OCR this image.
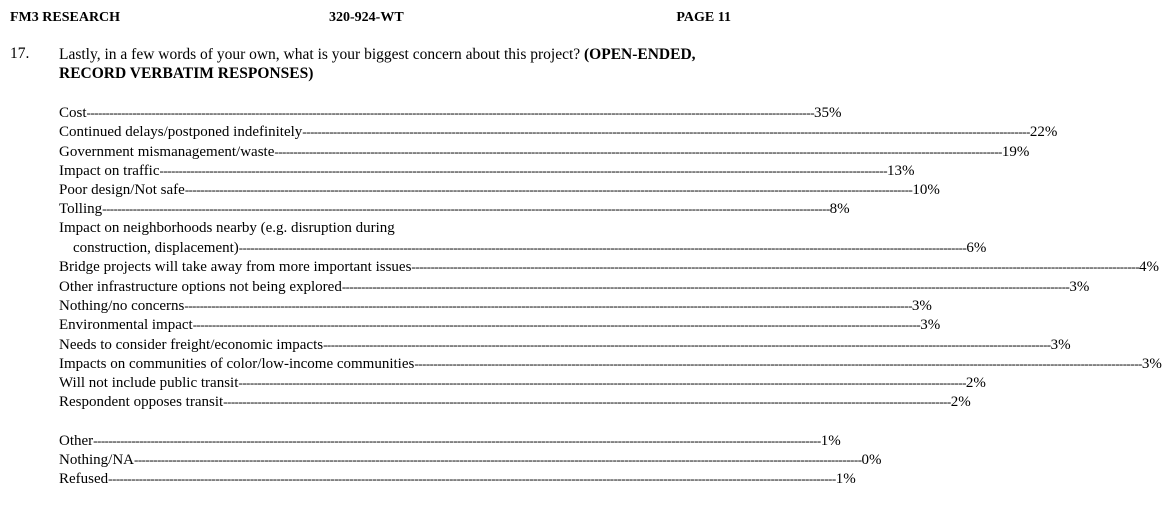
FM3 RESEARCH	320-924-WT	PAGE 11
17. Lastly, in a few words of your own, what is your biggest concern about this project? (OPEN-ENDED, RECORD VERBATIM RESPONSES)
Cost ---------------------------------------------------------------------------------------------------------------------------------------------------------------------------------------------- 35%
Continued delays/postponed indefinitely ---------------------------------------------------------------------------------------------------------------------------------------------------------------------------------------------- 22%
Government mismanagement/waste ---------------------------------------------------------------------------------------------------------------------------------------------------------------------------------------------- 19%
Impact on traffic ---------------------------------------------------------------------------------------------------------------------------------------------------------------------------------------------- 13%
Poor design/Not safe ---------------------------------------------------------------------------------------------------------------------------------------------------------------------------------------------- 10%
Tolling ---------------------------------------------------------------------------------------------------------------------------------------------------------------------------------------------- 8%
Impact on neighborhoods nearby (e.g. disruption during
construction, displacement) ---------------------------------------------------------------------------------------------------------------------------------------------------------------------------------------------- 6%
Bridge projects will take away from more important issues ---------------------------------------------------------------------------------------------------------------------------------------------------------------------------------------------- 4%
Other infrastructure options not being explored ---------------------------------------------------------------------------------------------------------------------------------------------------------------------------------------------- 3%
Nothing/no concerns ---------------------------------------------------------------------------------------------------------------------------------------------------------------------------------------------- 3%
Environmental impact ---------------------------------------------------------------------------------------------------------------------------------------------------------------------------------------------- 3%
Needs to consider freight/economic impacts ---------------------------------------------------------------------------------------------------------------------------------------------------------------------------------------------- 3%
Impacts on communities of color/low-income communities ---------------------------------------------------------------------------------------------------------------------------------------------------------------------------------------------- 3%
Will not include public transit ---------------------------------------------------------------------------------------------------------------------------------------------------------------------------------------------- 2%
Respondent opposes transit ---------------------------------------------------------------------------------------------------------------------------------------------------------------------------------------------- 2%
Other ---------------------------------------------------------------------------------------------------------------------------------------------------------------------------------------------- 1%
Nothing/NA ---------------------------------------------------------------------------------------------------------------------------------------------------------------------------------------------- 0%
Refused ---------------------------------------------------------------------------------------------------------------------------------------------------------------------------------------------- 1%
